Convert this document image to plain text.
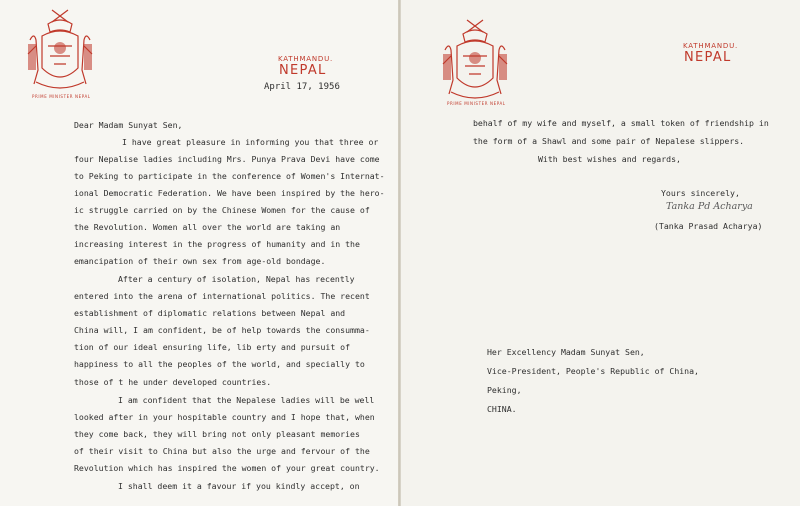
PRIME MINISTER NEPAL
KATHMANDU.
NEPAL
April 17, 1956
Dear Madam Sunyat Sen,
I have great pleasure in informing you that three or
four Nepalise ladies including Mrs. Punya Prava Devi have come
to Peking to participate in the conference of Women's Internat-
ional Democratic Federation. We have been inspired by the hero-
ic struggle carried on by the Chinese Women for the cause of
the Revolution. Women all over the world are taking an
increasing interest in the progress of humanity and in the
emancipation of their own sex from age-old bondage.
After a century of isolation, Nepal has recently
entered into the arena of international politics. The recent
establishment of diplomatic relations between Nepal and
China will, I am confident, be of help towards the consumma-
tion of our ideal ensuring life, lib erty and pursuit of
happiness to all the peoples of the world, and specially to
those of t he under developed countries.
I am confident that the Nepalese ladies will be well
looked after in your hospitable country and I hope that, when
they come back, they will bring not only pleasant memories
of their visit to China but also the urge and fervour of the
Revolution which has inspired the women of your great country.
I shall deem it a favour if you kindly accept, on
PRIME MINISTER NEPAL
KATHMANDU.
NEPAL
behalf of my wife and myself, a small token of friendship in
the form of a Shawl and some pair of Nepalese slippers.
With best wishes and regards,
Yours sincerely,
Tanka Pd Acharya
(Tanka Prasad Acharya)
Her Excellency Madam Sunyat Sen,
Vice-President, People's Republic of China,
Peking,
CHINA.
